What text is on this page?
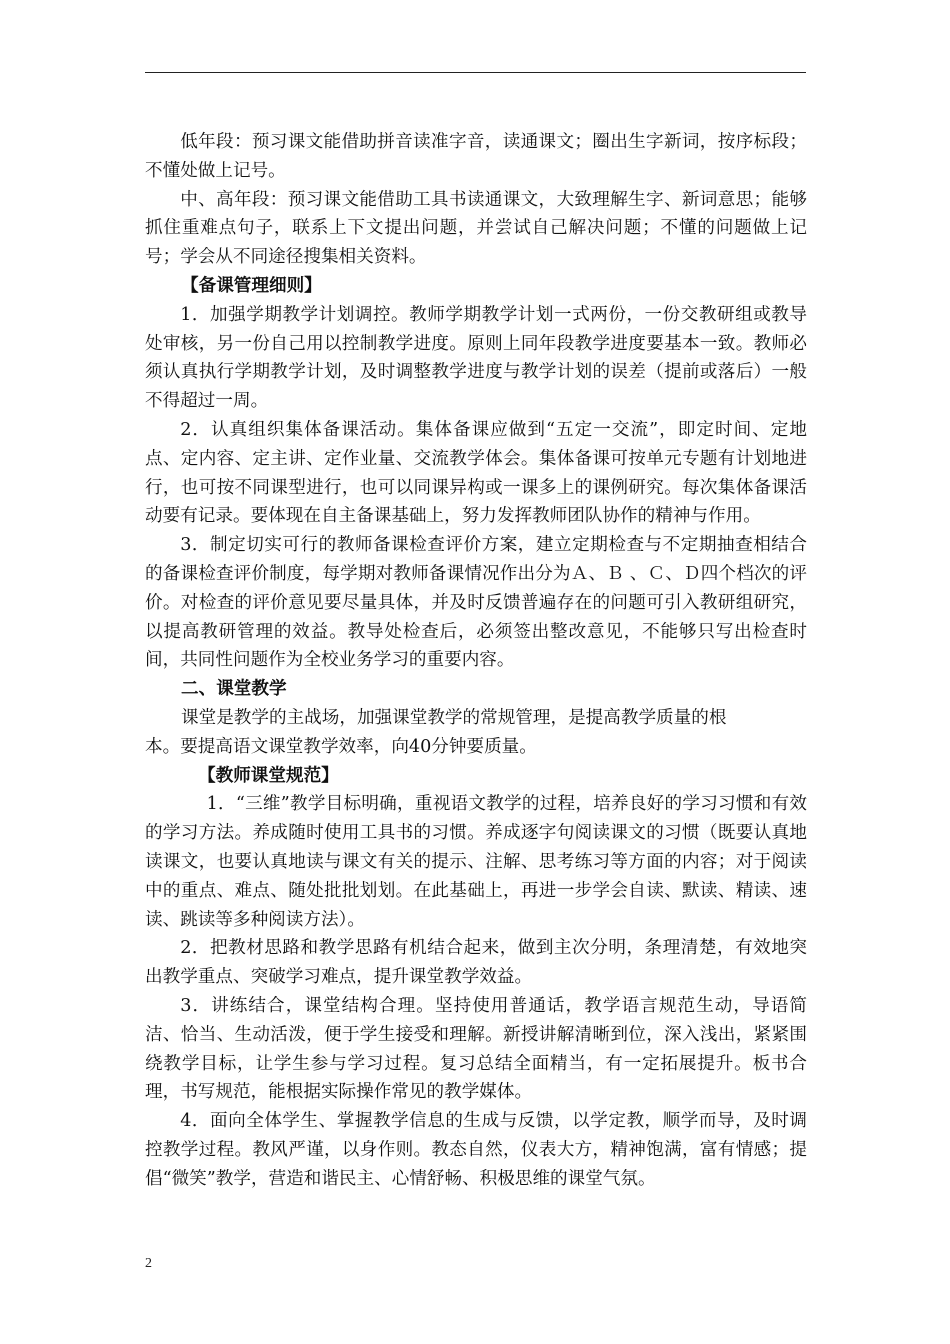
低年段：预习课文能借助拼音读准字音，读通课文；圈出生字新词，按序标段；不懂处做上记号。

中、高年段：预习课文能借助工具书读通课文，大致理解生字、新词意思；能够抓住重难点句子，联系上下文提出问题，并尝试自己解决问题；不懂的问题做上记号；学会从不同途径搜集相关资料。

【备课管理细则】

1．加强学期教学计划调控。教师学期教学计划一式两份，一份交教研组或教导处审核，另一份自己用以控制教学进度。原则上同年段教学进度要基本一致。教师必须认真执行学期教学计划，及时调整教学进度与教学计划的误差（提前或落后）一般不得超过一周。

2．认真组织集体备课活动。集体备课应做到“五定一交流”，即定时间、定地点、定内容、定主讲、定作业量、交流教学体会。集体备课可按单元专题有计划地进行，也可按不同课型进行，也可以同课异构或一课多上的课例研究。每次集体备课活动要有记录。要体现在自主备课基础上，努力发挥教师团队协作的精神与作用。

3．制定切实可行的教师备课检查评价方案，建立定期检查与不定期抽查相结合的备课检查评价制度，每学期对教师备课情况作出分为Ａ、Ｂ 、Ｃ、Ｄ四个档次的评价。对检查的评价意见要尽量具体，并及时反馈普遍存在的问题可引入教研组研究，以提高教研管理的效益。教导处检查后，必须签出整改意见，不能够只写出检查时间，共同性问题作为全校业务学习的重要内容。

二、课堂教学

课堂是教学的主战场，加强课堂教学的常规管理，是提高教学质量的根

本。要提高语文课堂教学效率，向40分钟要质量。

【教师课堂规范】

1．“三维”教学目标明确，重视语文教学的过程，培养良好的学习习惯和有效的学习方法。养成随时使用工具书的习惯。养成逐字句阅读课文的习惯（既要认真地读课文，也要认真地读与课文有关的提示、注解、思考练习等方面的内容；对于阅读中的重点、难点、随处批批划划。在此基础上，再进一步学会自读、默读、精读、速读、跳读等多种阅读方法）。

2．把教材思路和教学思路有机结合起来，做到主次分明，条理清楚，有效地突出教学重点、突破学习难点，提升课堂教学效益。

3．讲练结合，课堂结构合理。坚持使用普通话，教学语言规范生动，导语简洁、恰当、生动活泼，便于学生接受和理解。新授讲解清晰到位，深入浅出，紧紧围绕教学目标，让学生参与学习过程。复习总结全面精当，有一定拓展提升。板书合理，书写规范，能根据实际操作常见的教学媒体。

4．面向全体学生、掌握教学信息的生成与反馈，以学定教，顺学而导，及时调控教学过程。教风严谨，以身作则。教态自然，仪表大方，精神饱满，富有情感；提倡“微笑”教学，营造和谐民主、心情舒畅、积极思维的课堂气氛。

2
